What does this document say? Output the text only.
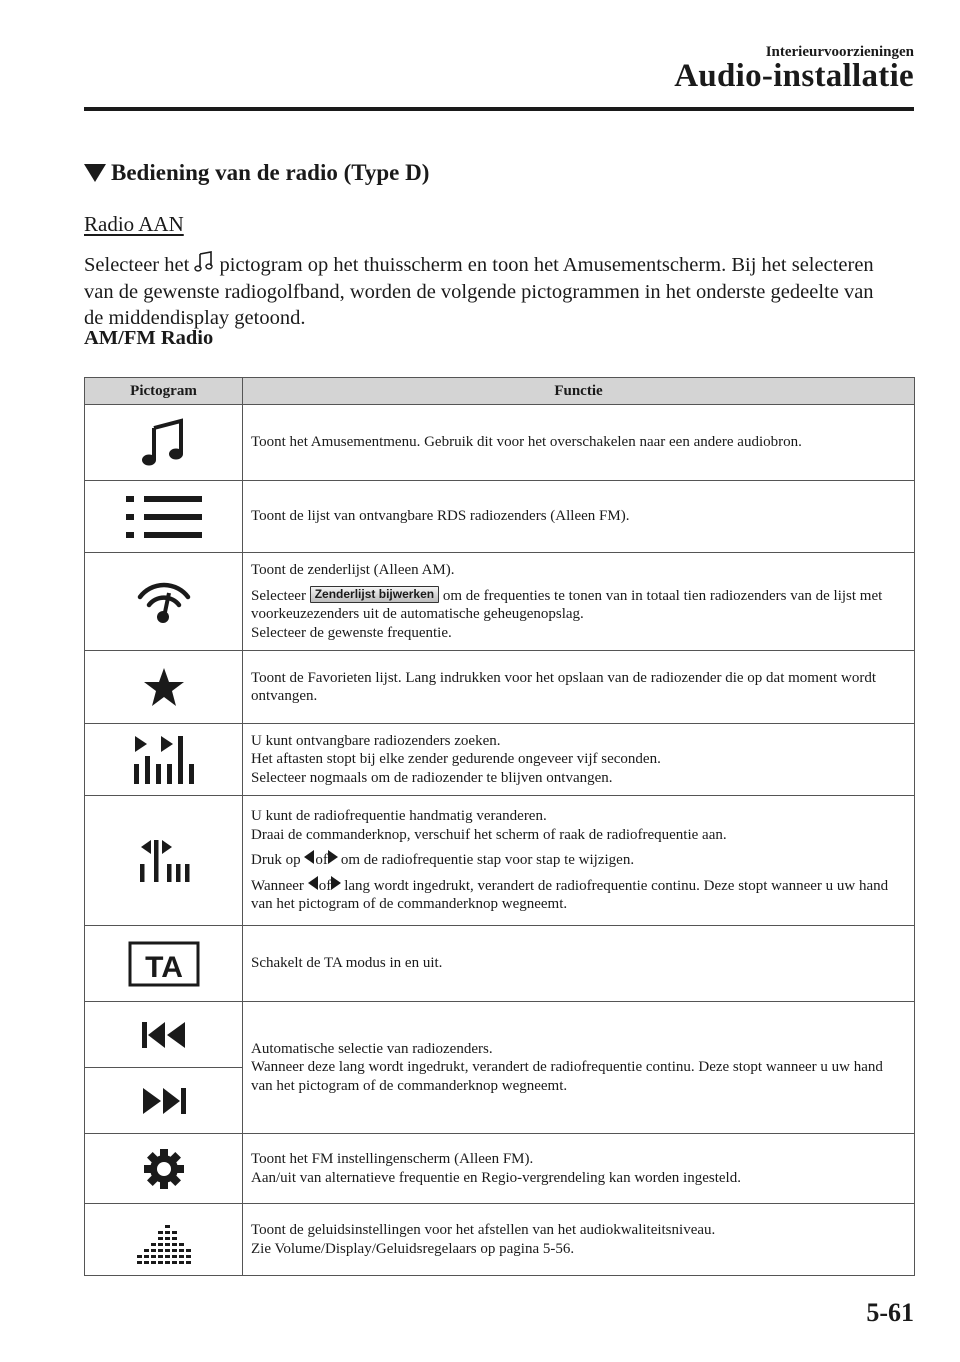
Interieurvoorzieningen
Audio-installatie
Bediening van de radio (Type D)
Radio AAN
Selecteer het  pictogram op het thuisscherm en toon het Amusementscherm. Bij het selecteren van de gewenste radiogolfband, worden de volgende pictogrammen in het onderste gedeelte van de middendisplay getoond.
AM/FM Radio
Pictogram	Functie

Toont het Amusementmenu. Gebruik dit voor het overschakelen naar een andere audiobron.

Toont de lijst van ontvangbare RDS radiozenders (Alleen FM).

Toont de zenderlijst (Alleen AM).
Selecteer Zenderlijst bijwerken om de frequenties te tonen van in totaal tien radiozenders van de lijst met voorkeuzezenders uit de automatische geheugenopslag.
Selecteer de gewenste frequentie.

Toont de Favorieten lijst. Lang indrukken voor het opslaan van de radiozender die op dat moment wordt ontvangen.

U kunt ontvangbare radiozenders zoeken.
Het aftasten stopt bij elke zender gedurende ongeveer vijf seconden.
Selecteer nogmaals om de radiozender te blijven ontvangen.

U kunt de radiofrequentie handmatig veranderen.
Draai de commanderknop, verschuif het scherm of raak de radiofrequentie aan.
Druk op of om de radiofrequentie stap voor stap te wijzigen.
Wanneer of lang wordt ingedrukt, verandert de radiofrequentie continu. Deze stopt wanneer u uw hand van het pictogram of de commanderknop wegneemt.

TA	Schakelt de TA modus in en uit.

Automatische selectie van radiozenders.
Wanneer deze lang wordt ingedrukt, verandert de radiofrequentie continu. Deze stopt wanneer u uw hand van het pictogram of de commanderknop wegneemt.

Toont het FM instellingenscherm (Alleen FM).
Aan/uit van alternatieve frequentie en Regio-vergrendeling kan worden ingesteld.

Toont de geluidsinstellingen voor het afstellen van het audiokwaliteitsniveau.
Zie Volume/Display/Geluidsregelaars op pagina 5-56.
5-61
